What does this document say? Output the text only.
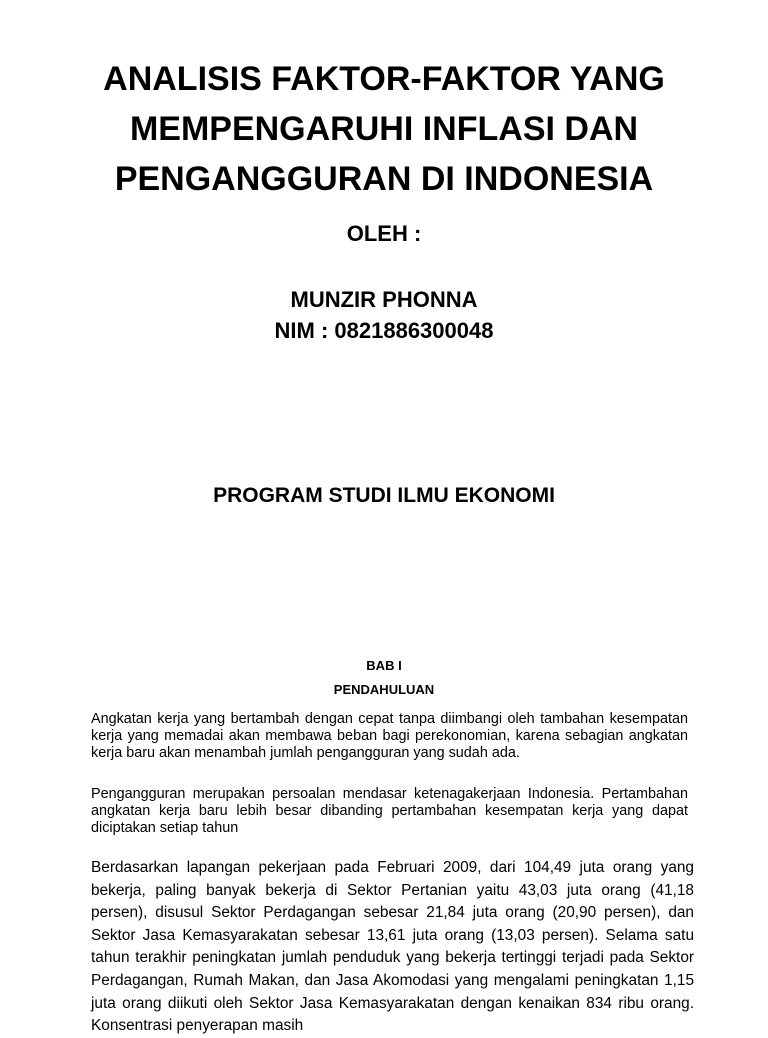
ANALISIS FAKTOR-FAKTOR YANG
MEMPENGARUHI INFLASI DAN
PENGANGGURAN DI INDONESIA

OLEH :

MUNZIR PHONNA
NIM : 0821886300048

PROGRAM STUDI ILMU EKONOMI

BAB I
PENDAHULUAN

Angkatan kerja yang bertambah dengan cepat tanpa diimbangi oleh tambahan kesempatan kerja yang memadai akan membawa beban bagi perekonomian, karena sebagian angkatan kerja baru akan menambah jumlah pengangguran yang sudah ada.

Pengangguran merupakan persoalan mendasar ketenagakerjaan Indonesia. Pertambahan angkatan kerja baru lebih besar dibanding pertambahan kesempatan kerja yang dapat diciptakan setiap tahun

Berdasarkan lapangan pekerjaan pada Februari 2009, dari 104,49 juta orang yang bekerja, paling banyak bekerja di Sektor Pertanian yaitu 43,03 juta orang (41,18 persen), disusul Sektor Perdagangan sebesar 21,84 juta orang (20,90 persen), dan Sektor Jasa Kemasyarakatan sebesar 13,61 juta orang (13,03 persen). Selama satu tahun terakhir peningkatan jumlah penduduk yang bekerja tertinggi terjadi pada Sektor Perdagangan, Rumah Makan, dan Jasa Akomodasi yang mengalami peningkatan 1,15 juta orang diikuti oleh Sektor Jasa Kemasyarakatan dengan kenaikan 834 ribu orang. Konsentrasi penyerapan masih
